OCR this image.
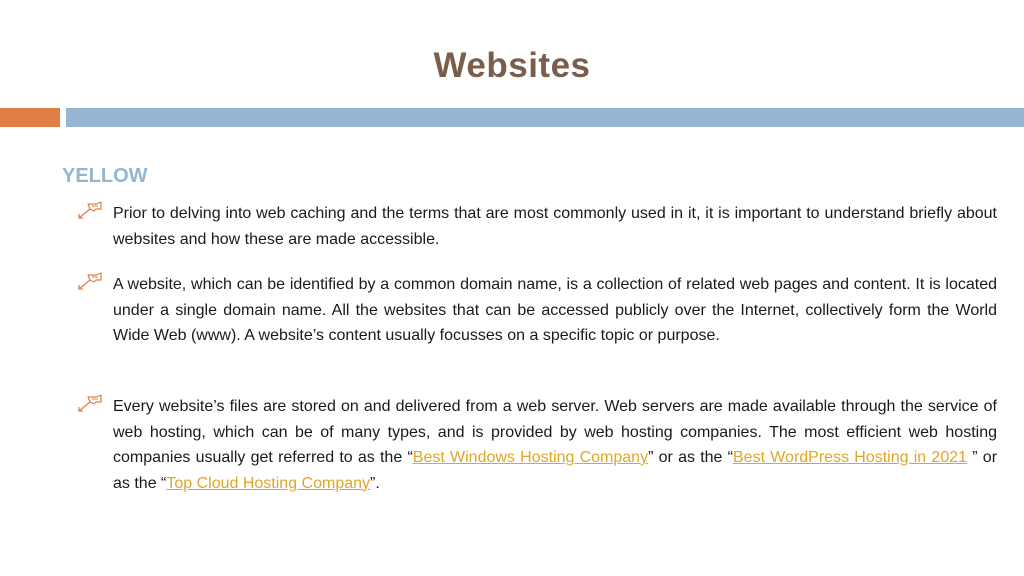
Websites
YELLOW
Prior to delving into web caching and the terms that are most commonly used in it, it is important to understand briefly about websites and how these are made accessible.
A website, which can be identified by a common domain name, is a collection of related web pages and content. It is located under a single domain name. All the websites that can be accessed publicly over the Internet, collectively form the World Wide Web (www). A website’s content usually focusses on a specific topic or purpose.
Every website’s files are stored on and delivered from a web server. Web servers are made available through the service of web hosting, which can be of many types, and is provided by web hosting companies. The most efficient web hosting companies usually get referred to as the “Best Windows Hosting Company” or as the “Best WordPress Hosting in 2021 ” or as the “Top Cloud Hosting Company”.
